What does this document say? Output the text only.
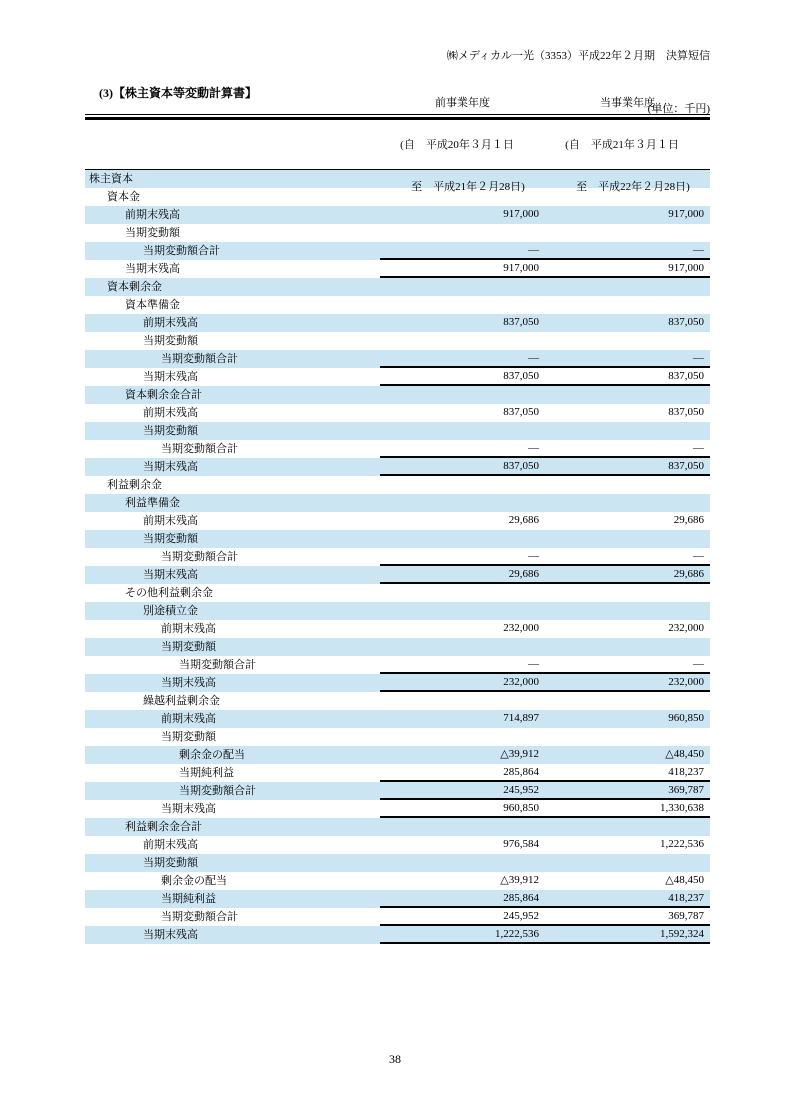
㈱メディカル一光（3353）平成22年２月期　決算短信
(3)【株主資本等変動計算書】
(単位：千円)

前事業年度

(自　平成20年３月１日

　至　平成21年２月28日)

当事業年度

(自　平成21年３月１日

　至　平成22年２月28日)

株主資本
資本金
前期末残高	917,000	917,000
当期変動額
当期変動額合計	―	―
当期末残高	917,000	917,000
資本剰余金
資本準備金
前期末残高	837,050	837,050
当期変動額
当期変動額合計	―	―
当期末残高	837,050	837,050
資本剰余金合計
前期末残高	837,050	837,050
当期変動額
当期変動額合計	―	―
当期末残高	837,050	837,050
利益剰余金
利益準備金
前期末残高	29,686	29,686
当期変動額
当期変動額合計	―	―
当期末残高	29,686	29,686
その他利益剰余金
別途積立金
前期末残高	232,000	232,000
当期変動額
当期変動額合計	―	―
当期末残高	232,000	232,000
繰越利益剰余金
前期末残高	714,897	960,850
当期変動額
剰余金の配当	△39,912	△48,450
当期純利益	285,864	418,237
当期変動額合計	245,952	369,787
当期末残高	960,850	1,330,638
利益剰余金合計
前期末残高	976,584	1,222,536
当期変動額
剰余金の配当	△39,912	△48,450
当期純利益	285,864	418,237
当期変動額合計	245,952	369,787
当期末残高	1,222,536	1,592,324
38
